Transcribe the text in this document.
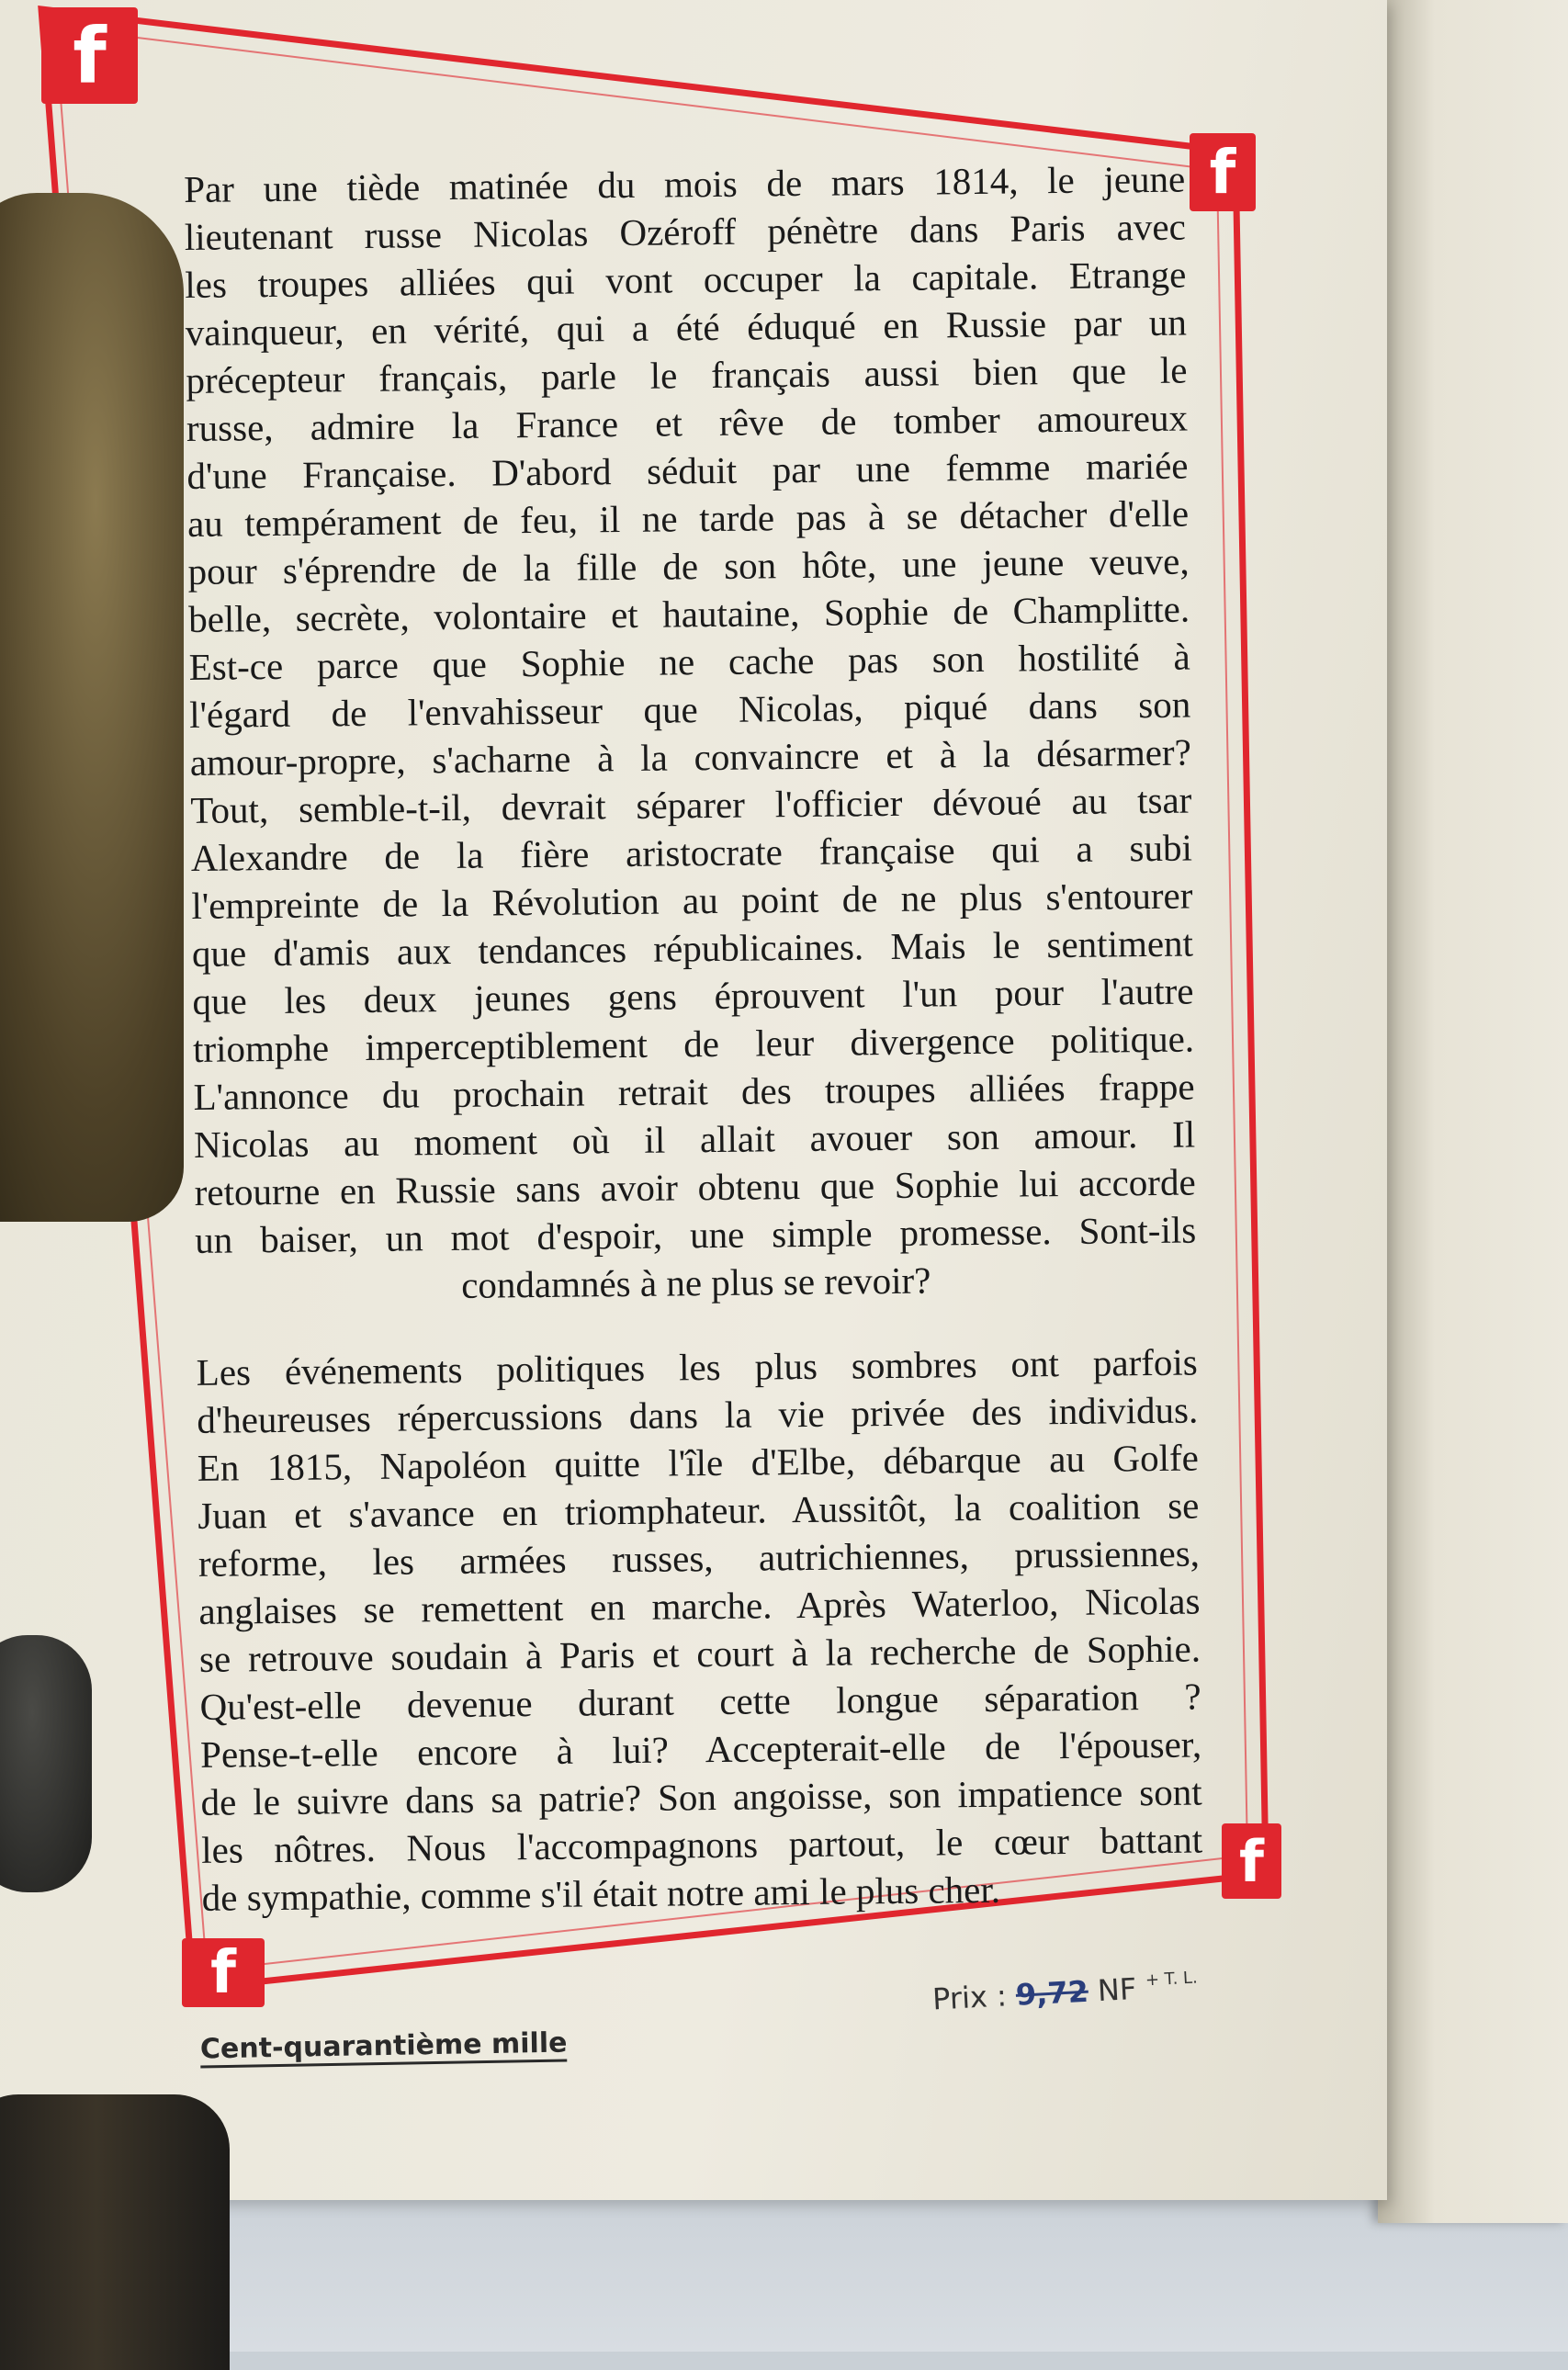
f
f
f
f
Par une tiède matinée du mois de mars 1814, le jeune
lieutenant russe Nicolas Ozéroff pénètre dans Paris avec
les troupes alliées qui vont occuper la capitale. Etrange
vainqueur, en vérité, qui a été éduqué en Russie par un
précepteur français, parle le français aussi bien que le
russe, admire la France et rêve de tomber amoureux
d'une Française. D'abord séduit par une femme mariée
au tempérament de feu, il ne tarde pas à se détacher d'elle
pour s'éprendre de la fille de son hôte, une jeune veuve,
belle, secrète, volontaire et hautaine, Sophie de Champlitte.
Est-ce parce que Sophie ne cache pas son hostilité à
l'égard de l'envahisseur que Nicolas, piqué dans son
amour-propre, s'acharne à la convaincre et à la désarmer?
Tout, semble-t-il, devrait séparer l'officier dévoué au tsar
Alexandre de la fière aristocrate française qui a subi
l'empreinte de la Révolution au point de ne plus s'entourer
que d'amis aux tendances républicaines. Mais le sentiment
que les deux jeunes gens éprouvent l'un pour l'autre
triomphe imperceptiblement de leur divergence politique.
L'annonce du prochain retrait des troupes alliées frappe
Nicolas au moment où il allait avouer son amour. Il
retourne en Russie sans avoir obtenu que Sophie lui accorde
un baiser, un mot d'espoir, une simple promesse. Sont-ils
condamnés à ne plus se revoir?
Les événements politiques les plus sombres ont parfois
d'heureuses répercussions dans la vie privée des individus.
En 1815, Napoléon quitte l'île d'Elbe, débarque au Golfe
Juan et s'avance en triomphateur. Aussitôt, la coalition se
reforme, les armées russes, autrichiennes, prussiennes,
anglaises se remettent en marche. Après Waterloo, Nicolas
se retrouve soudain à Paris et court à la recherche de Sophie.
Qu'est-elle devenue durant cette longue séparation ?
Pense-t-elle encore à lui? Accepterait-elle de l'épouser,
de le suivre dans sa patrie? Son angoisse, son impatience sont
les nôtres. Nous l'accompagnons partout, le cœur battant
de sympathie, comme s'il était notre ami le plus cher.
Prix : 9,72 NF $^{+ T. L.}$
Cent-quarantième mille
